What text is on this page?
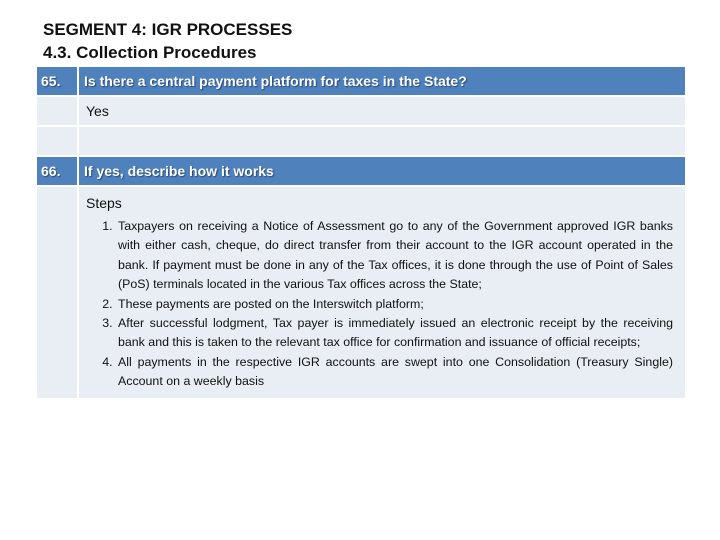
SEGMENT 4: IGR PROCESSES
4.3. Collection Procedures
65.	Is there a central payment platform for taxes in the State?
Yes
66.	If yes, describe how it works
Steps
1. Taxpayers on receiving a Notice of Assessment go to any of the Government approved IGR banks with either cash, cheque, do direct transfer from their account to the IGR account operated in the bank. If payment must be done in any of the Tax offices, it is done through the use of Point of Sales (PoS) terminals located in the various Tax offices across the State;
2. These payments are posted on the Interswitch platform;
3. After successful lodgment, Tax payer is immediately issued an electronic receipt by the receiving bank and this is taken to the relevant tax office for confirmation and issuance of official receipts;
4. All payments in the respective IGR accounts are swept into one Consolidation (Treasury Single) Account on a weekly basis
